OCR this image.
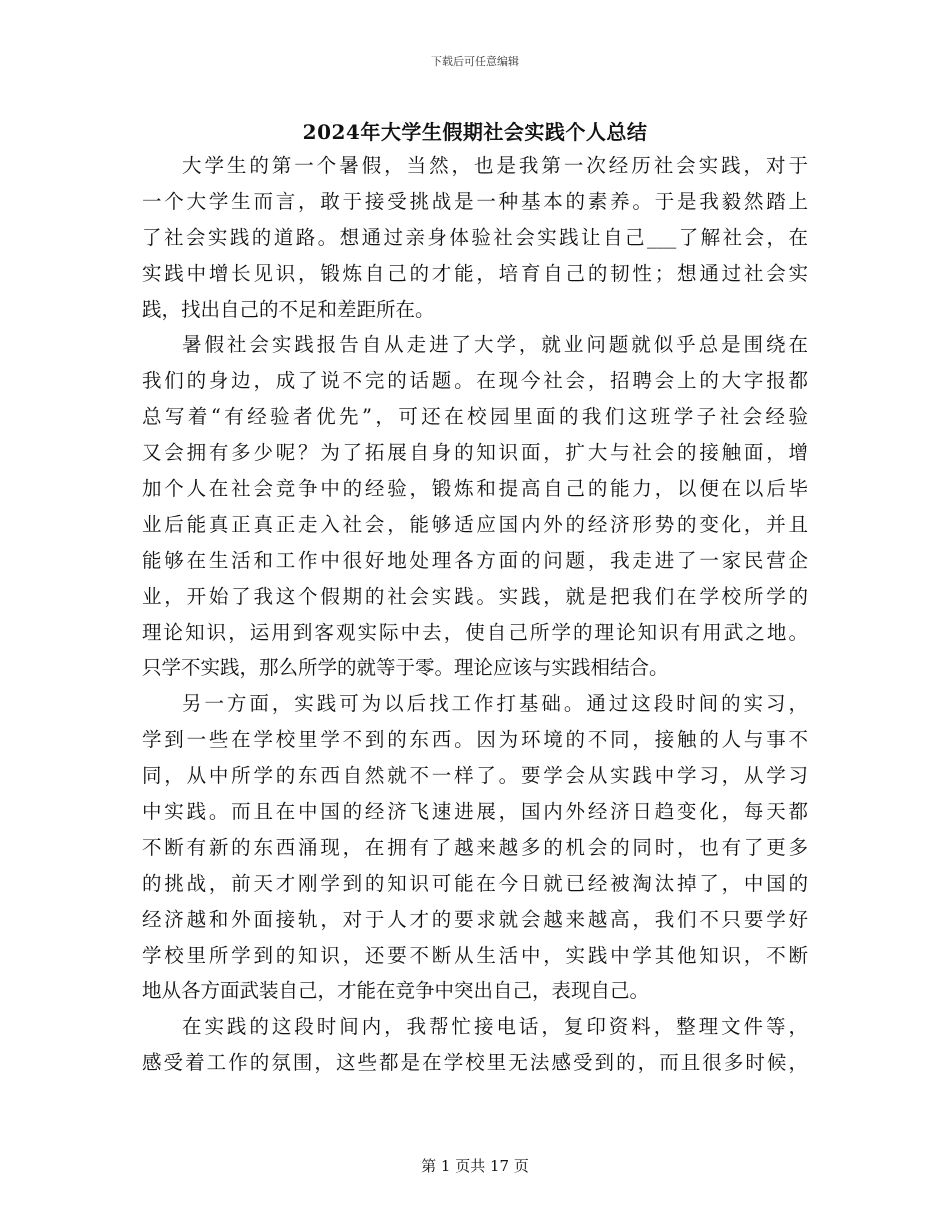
下载后可任意编辑
2024年大学生假期社会实践个人总结
大学生的第一个暑假，当然，也是我第一次经历社会实践，对于
一个大学生而言，敢于接受挑战是一种基本的素养。于是我毅然踏上
了社会实践的道路。想通过亲身体验社会实践让自己___了解社会，在
实践中增长见识，锻炼自己的才能，培育自己的韧性；想通过社会实
践，找出自己的不足和差距所在。
暑假社会实践报告自从走进了大学，就业问题就似乎总是围绕在
我们的身边，成了说不完的话题。在现今社会，招聘会上的大字报都
总写着“有经验者优先”，可还在校园里面的我们这班学子社会经验
又会拥有多少呢？为了拓展自身的知识面，扩大与社会的接触面，增
加个人在社会竞争中的经验，锻炼和提高自己的能力，以便在以后毕
业后能真正真正走入社会，能够适应国内外的经济形势的变化，并且
能够在生活和工作中很好地处理各方面的问题，我走进了一家民营企
业，开始了我这个假期的社会实践。实践，就是把我们在学校所学的
理论知识，运用到客观实际中去，使自己所学的理论知识有用武之地。
只学不实践，那么所学的就等于零。理论应该与实践相结合。
另一方面，实践可为以后找工作打基础。通过这段时间的实习，
学到一些在学校里学不到的东西。因为环境的不同，接触的人与事不
同，从中所学的东西自然就不一样了。要学会从实践中学习，从学习
中实践。而且在中国的经济飞速进展，国内外经济日趋变化，每天都
不断有新的东西涌现，在拥有了越来越多的机会的同时，也有了更多
的挑战，前天才刚学到的知识可能在今日就已经被淘汰掉了，中国的
经济越和外面接轨，对于人才的要求就会越来越高，我们不只要学好
学校里所学到的知识，还要不断从生活中，实践中学其他知识，不断
地从各方面武装自己，才能在竞争中突出自己，表现自己。
在实践的这段时间内，我帮忙接电话，复印资料，整理文件等，
感受着工作的氛围，这些都是在学校里无法感受到的，而且很多时候，
第 1 页共 17 页
